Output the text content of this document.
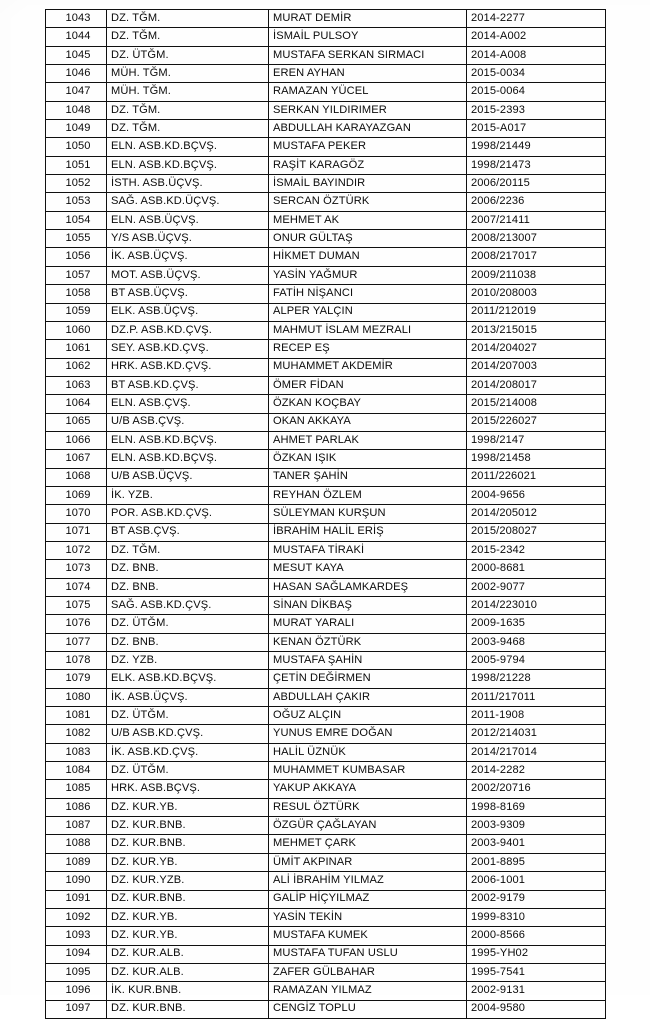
1043	DZ. TĞM.	MURAT DEMİR	2014-2277
1044	DZ. TĞM.	İSMAİL PULSOY	2014-A002
1045	DZ. ÜTĞM.	MUSTAFA SERKAN SIRMACI	2014-A008
1046	MÜH. TĞM.	EREN AYHAN	2015-0034
1047	MÜH. TĞM.	RAMAZAN YÜCEL	2015-0064
1048	DZ. TĞM.	SERKAN YILDIRIMER	2015-2393
1049	DZ. TĞM.	ABDULLAH KARAYAZGAN	2015-A017
1050	ELN. ASB.KD.BÇVŞ.	MUSTAFA PEKER	1998/21449
1051	ELN. ASB.KD.BÇVŞ.	RAŞİT KARAGÖZ	1998/21473
1052	İSTH. ASB.ÜÇVŞ.	İSMAİL BAYINDIR	2006/20115
1053	SAĞ. ASB.KD.ÜÇVŞ.	SERCAN ÖZTÜRK	2006/2236
1054	ELN. ASB.ÜÇVŞ.	MEHMET AK	2007/21411
1055	Y/S ASB.ÜÇVŞ.	ONUR GÜLTAŞ	2008/213007
1056	İK. ASB.ÜÇVŞ.	HİKMET DUMAN	2008/217017
1057	MOT. ASB.ÜÇVŞ.	YASİN YAĞMUR	2009/211038
1058	BT ASB.ÜÇVŞ.	FATİH NİŞANCI	2010/208003
1059	ELK. ASB.ÜÇVŞ.	ALPER YALÇIN	2011/212019
1060	DZ.P. ASB.KD.ÇVŞ.	MAHMUT İSLAM MEZRALI	2013/215015
1061	SEY. ASB.KD.ÇVŞ.	RECEP EŞ	2014/204027
1062	HRK. ASB.KD.ÇVŞ.	MUHAMMET AKDEMİR	2014/207003
1063	BT ASB.KD.ÇVŞ.	ÖMER FİDAN	2014/208017
1064	ELN. ASB.ÇVŞ.	ÖZKAN KOÇBAY	2015/214008
1065	U/B ASB.ÇVŞ.	OKAN AKKAYA	2015/226027
1066	ELN. ASB.KD.BÇVŞ.	AHMET PARLAK	1998/2147
1067	ELN. ASB.KD.BÇVŞ.	ÖZKAN IŞIK	1998/21458
1068	U/B ASB.ÜÇVŞ.	TANER ŞAHİN	2011/226021
1069	İK. YZB.	REYHAN ÖZLEM	2004-9656
1070	POR. ASB.KD.ÇVŞ.	SÜLEYMAN KURŞUN	2014/205012
1071	BT ASB.ÇVŞ.	İBRAHİM HALİL ERİŞ	2015/208027
1072	DZ. TĞM.	MUSTAFA TİRAKİ	2015-2342
1073	DZ. BNB.	MESUT KAYA	2000-8681
1074	DZ. BNB.	HASAN SAĞLAMKARDEŞ	2002-9077
1075	SAĞ. ASB.KD.ÇVŞ.	SİNAN DİKBAŞ	2014/223010
1076	DZ. ÜTĞM.	MURAT YARALI	2009-1635
1077	DZ. BNB.	KENAN ÖZTÜRK	2003-9468
1078	DZ. YZB.	MUSTAFA ŞAHİN	2005-9794
1079	ELK. ASB.KD.BÇVŞ.	ÇETİN DEĞİRMEN	1998/21228
1080	İK. ASB.ÜÇVŞ.	ABDULLAH ÇAKIR	2011/217011
1081	DZ. ÜTĞM.	OĞUZ ALÇIN	2011-1908
1082	U/B ASB.KD.ÇVŞ.	YUNUS EMRE DOĞAN	2012/214031
1083	İK. ASB.KD.ÇVŞ.	HALİL ÜZNÜK	2014/217014
1084	DZ. ÜTĞM.	MUHAMMET KUMBASAR	2014-2282
1085	HRK. ASB.BÇVŞ.	YAKUP AKKAYA	2002/20716
1086	DZ. KUR.YB.	RESUL ÖZTÜRK	1998-8169
1087	DZ. KUR.BNB.	ÖZGÜR ÇAĞLAYAN	2003-9309
1088	DZ. KUR.BNB.	MEHMET ÇARK	2003-9401
1089	DZ. KUR.YB.	ÜMİT AKPINAR	2001-8895
1090	DZ. KUR.YZB.	ALİ İBRAHİM YILMAZ	2006-1001
1091	DZ. KUR.BNB.	GALİP HİÇYILMAZ	2002-9179
1092	DZ. KUR.YB.	YASİN TEKİN	1999-8310
1093	DZ. KUR.YB.	MUSTAFA KUMEK	2000-8566
1094	DZ. KUR.ALB.	MUSTAFA TUFAN USLU	1995-YH02
1095	DZ. KUR.ALB.	ZAFER GÜLBAHAR	1995-7541
1096	İK. KUR.BNB.	RAMAZAN YILMAZ	2002-9131
1097	DZ. KUR.BNB.	CENGİZ TOPLU	2004-9580
